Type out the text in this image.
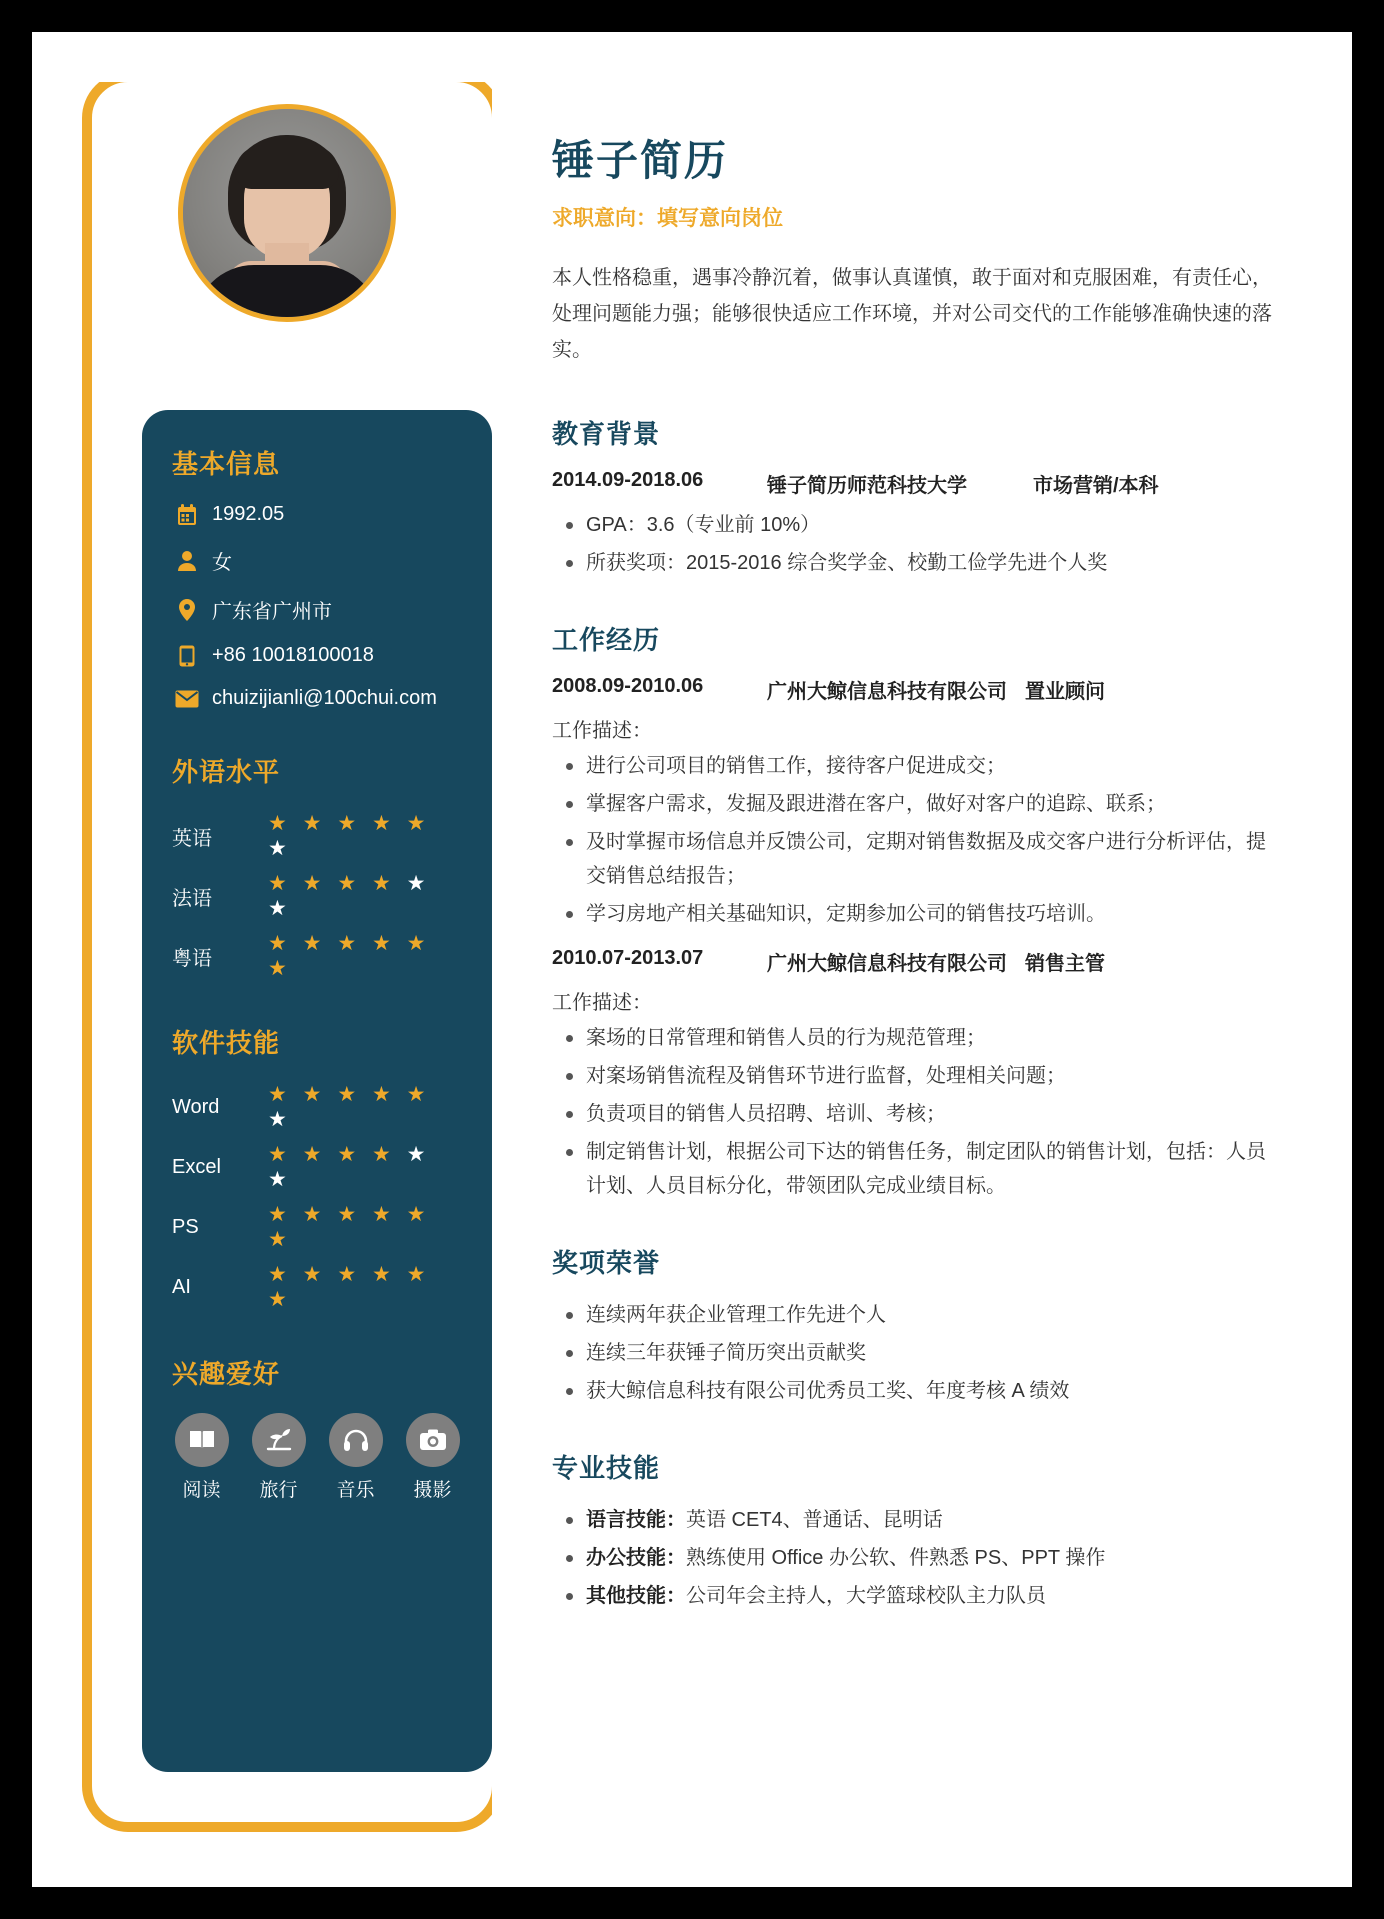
基本信息
1992.05
女
广东省广州市
+86 10018100018
chuizijianli@100chui.com
外语水平
英语
★ ★ ★ ★ ★ ★
法语
★ ★ ★ ★ ★ ★
粤语
★ ★ ★ ★ ★ ★
软件技能
Word
★ ★ ★ ★ ★ ★
Excel
★ ★ ★ ★ ★ ★
PS
★ ★ ★ ★ ★ ★
AI
★ ★ ★ ★ ★ ★
兴趣爱好
阅读	旅行	音乐	摄影
锤子简历
求职意向：填写意向岗位
本人性格稳重，遇事冷静沉着，做事认真谨慎，敢于面对和克服困难，有责任心，处理问题能力强；能够很快适应工作环境，并对公司交代的工作能够准确快速的落实。
教育背景
2014.09-2018.06	锤子简历师范科技大学	市场营销/本科
GPA：3.6（专业前 10%）
所获奖项：2015-2016 综合奖学金、校勤工俭学先进个人奖
工作经历
2008.09-2010.06	广州大鲸信息科技有限公司 置业顾问
工作描述：
进行公司项目的销售工作，接待客户促进成交；
掌握客户需求，发掘及跟进潜在客户，做好对客户的追踪、联系；
及时掌握市场信息并反馈公司，定期对销售数据及成交客户进行分析评估，提交销售总结报告；
学习房地产相关基础知识，定期参加公司的销售技巧培训。
2010.07-2013.07	广州大鲸信息科技有限公司 销售主管
工作描述：
案场的日常管理和销售人员的行为规范管理；
对案场销售流程及销售环节进行监督，处理相关问题；
负责项目的销售人员招聘、培训、考核；
制定销售计划，根据公司下达的销售任务，制定团队的销售计划，包括：人员计划、人员目标分化，带领团队完成业绩目标。
奖项荣誉
连续两年获企业管理工作先进个人
连续三年获锤子简历突出贡献奖
获大鲸信息科技有限公司优秀员工奖、年度考核 A 绩效
专业技能
语言技能：英语 CET4、普通话、昆明话
办公技能：熟练使用 Office 办公软、件熟悉 PS、PPT 操作
其他技能：公司年会主持人，大学篮球校队主力队员
